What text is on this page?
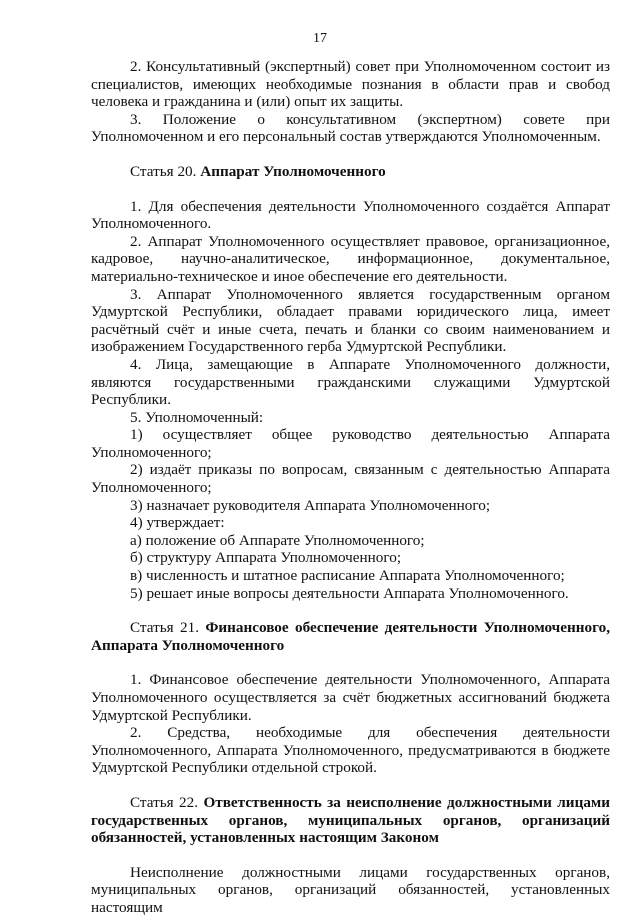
17

2. Консультативный (экспертный) совет при Уполномоченном состоит из специалистов, имеющих необходимые познания в области прав и свобод человека и гражданина и (или) опыт их защиты.

3. Положение о консультативном (экспертном) совете при Уполномоченном и его персональный состав утверждаются Уполномоченным.

Статья 20. Аппарат Уполномоченного

1. Для обеспечения деятельности Уполномоченного создаётся Аппарат Уполномоченного.

2. Аппарат Уполномоченного осуществляет правовое, организационное, кадровое, научно-аналитическое, информационное, документальное, материально-техническое и иное обеспечение его деятельности.

3. Аппарат Уполномоченного является государственным органом Удмуртской Республики, обладает правами юридического лица, имеет расчётный счёт и иные счета, печать и бланки со своим наименованием и изображением Государственного герба Удмуртской Республики.

4. Лица, замещающие в Аппарате Уполномоченного должности, являются государственными гражданскими служащими Удмуртской Республики.

5. Уполномоченный:

1) осуществляет общее руководство деятельностью Аппарата Уполномоченного;

2) издаёт приказы по вопросам, связанным с деятельностью Аппарата Уполномоченного;

3) назначает руководителя Аппарата Уполномоченного;

4) утверждает:

а) положение об Аппарате Уполномоченного;

б) структуру Аппарата Уполномоченного;

в) численность и штатное расписание Аппарата Уполномоченного;

5) решает иные вопросы деятельности Аппарата Уполномоченного.

Статья 21. Финансовое обеспечение деятельности Уполномоченного, Аппарата Уполномоченного

1. Финансовое обеспечение деятельности Уполномоченного, Аппарата Уполномоченного осуществляется за счёт бюджетных ассигнований бюджета Удмуртской Республики.

2. Средства, необходимые для обеспечения деятельности Уполномоченного, Аппарата Уполномоченного, предусматриваются в бюджете Удмуртской Республики отдельной строкой.

Статья 22. Ответственность за неисполнение должностными лицами государственных органов, муниципальных органов, организаций обязанностей, установленных настоящим Законом

Неисполнение должностными лицами государственных органов, муниципальных органов, организаций обязанностей, установленных настоящим
